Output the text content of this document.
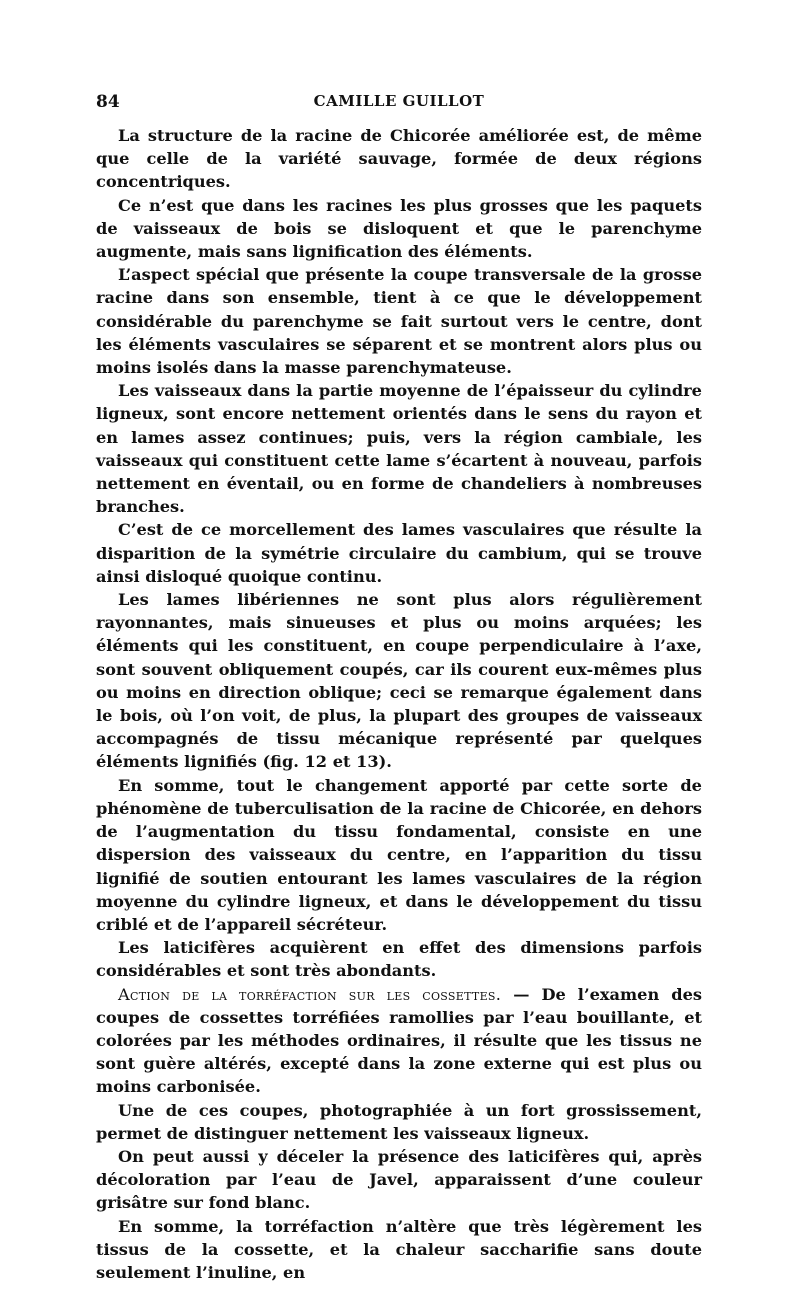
84	CAMILLE GUILLOT

La structure de la racine de Chicorée améliorée est, de même que celle de la variété sauvage, formée de deux régions concentriques.

Ce n’est que dans les racines les plus grosses que les paquets de vaisseaux de bois se disloquent et que le parenchyme augmente, mais sans lignification des éléments.

L’aspect spécial que présente la coupe transversale de la grosse racine dans son ensemble, tient à ce que le développement considérable du parenchyme se fait surtout vers le centre, dont les éléments vasculaires se séparent et se montrent alors plus ou moins isolés dans la masse parenchymateuse.

Les vaisseaux dans la partie moyenne de l’épaisseur du cylindre ligneux, sont encore nettement orientés dans le sens du rayon et en lames assez continues; puis, vers la région cambiale, les vaisseaux qui constituent cette lame s’écartent à nouveau, parfois nettement en éventail, ou en forme de chandeliers à nombreuses branches.

C’est de ce morcellement des lames vasculaires que résulte la disparition de la symétrie circulaire du cambium, qui se trouve ainsi disloqué quoique continu.

Les lames libériennes ne sont plus alors régulièrement rayonnantes, mais sinueuses et plus ou moins arquées; les éléments qui les constituent, en coupe perpendiculaire à l’axe, sont souvent obliquement coupés, car ils courent eux-mêmes plus ou moins en direction oblique; ceci se remarque également dans le bois, où l’on voit, de plus, la plupart des groupes de vaisseaux accompagnés de tissu mécanique représenté par quelques éléments lignifiés (fig. 12 et 13).

En somme, tout le changement apporté par cette sorte de phénomène de tuberculisation de la racine de Chicorée, en dehors de l’augmentation du tissu fondamental, consiste en une dispersion des vaisseaux du centre, en l’apparition du tissu lignifié de soutien entourant les lames vasculaires de la région moyenne du cylindre ligneux, et dans le développement du tissu criblé et de l’appareil sécréteur.

Les laticifères acquièrent en effet des dimensions parfois considérables et sont très abondants.

Action de la torréfaction sur les cossettes. — De l’examen des coupes de cossettes torréfiées ramollies par l’eau bouillante, et colorées par les méthodes ordinaires, il résulte que les tissus ne sont guère altérés, excepté dans la zone externe qui est plus ou moins carbonisée.

Une de ces coupes, photographiée à un fort grossissement, permet de distinguer nettement les vaisseaux ligneux.

On peut aussi y déceler la présence des laticifères qui, après décoloration par l’eau de Javel, apparaissent d’une couleur grisâtre sur fond blanc.

En somme, la torréfaction n’altère que très légèrement les tissus de la cossette, et la chaleur saccharifie sans doute seulement l’inuline, en
